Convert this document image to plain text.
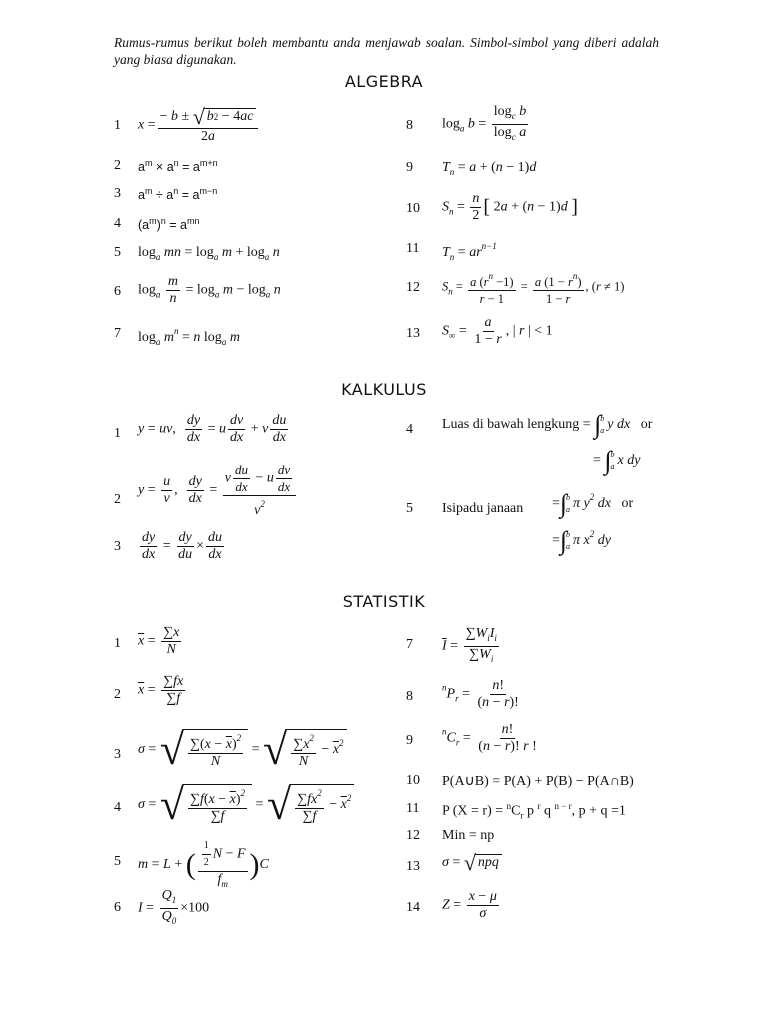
Rumus-rumus berikut boleh membantu anda menjawab soalan. Simbol-simbol yang diberi adalah yang biasa digunakan.
ALGEBRA
1	$x = \frac{- b \pm √ b2 - 4ac}{2a}$
2	$a^m \times a^n = a^{m+n}$
3	$a^m \div a^n = a^{m-n}$
4	$(a^m)^n = a^{mn}$
5	$\log_a$ mn = $\log_a m + \log_a n$
6	$\log_a \frac{m}{n} = \log_a m - \log_a n$
7	$\log_a m^n = n$ $\log_a m$
8	$\log_a b = \frac{\log_c b}{\log_c a}$
9	$T_n = a + (n - 1)d$
10	$S_n = \frac{n}{2}$ [ 2a + (n − 1)d ]
11	$T_n = ar^{n-1}$
12	$S_n = \frac{a (r^n -1)}{r - 1} = \frac{a (1 - r^n)}{1 - r}$ , (r ≠ 1)
13	$S_\infty = \frac{a}{1 - r}$ , | r | < 1
KALKULUS
1	y = uv, $\frac{dy}{dx} = u \frac{dv}{dx} + v \frac{du}{dx}$
2
$y = \frac{u}{v}$ , $\frac{dy}{dx} = \frac{v \frac{du}{dx} - u \frac{dv}{dx}}{v^2}$
3	$\frac{dy}{dx} = \frac{dy}{du} \times \frac{du}{dx}$
4	Luas di bawah lengkung = ∫ b
a y dx or
= ∫ b
a x dy
5	Isipadu janaan =∫ b
a π $y^2$ dx or
=∫ b
a π $x^2$ dy
STATISTIK
1	$\overline{x} = \frac{\sum x}{N}$
2	$\overline{x} = \frac{\sum fx}{\sum f}$
3	σ = √ $\frac{\sum(x - \overline{x})^2}{N}$ = √ $\frac{\sum x^2}{N} - \overline{x}^2$
4	σ = √ $\frac{\sum f(x - \overline{x})^2}{\sum f}$ = √ $\frac{\sum fx^2}{\sum f} - \overline{x}^2$
5	m = L + ( $\frac{\frac{1}{2} N - F}{f_m} )C$
6	$I = \frac{Q_1}{Q_0} \times 100$
7	$\overline{I} = \frac{\sum W_iI_i}{\sum W_i}$
8
$^nP_r = \frac{n!}{(n - r)!}$
9
$^nC_r = \frac{n!}{(n - r)! r !}$
10	P(A∪B) = P(A) + P(B) − P(A∩B)
11	P $(X = r) = ^nC_r$ p $^r$ q $^{n - r}$, p + q =1
12	Min = np
13	σ = √ npq
14	$Z = \frac{x - \mu}{\sigma}$
